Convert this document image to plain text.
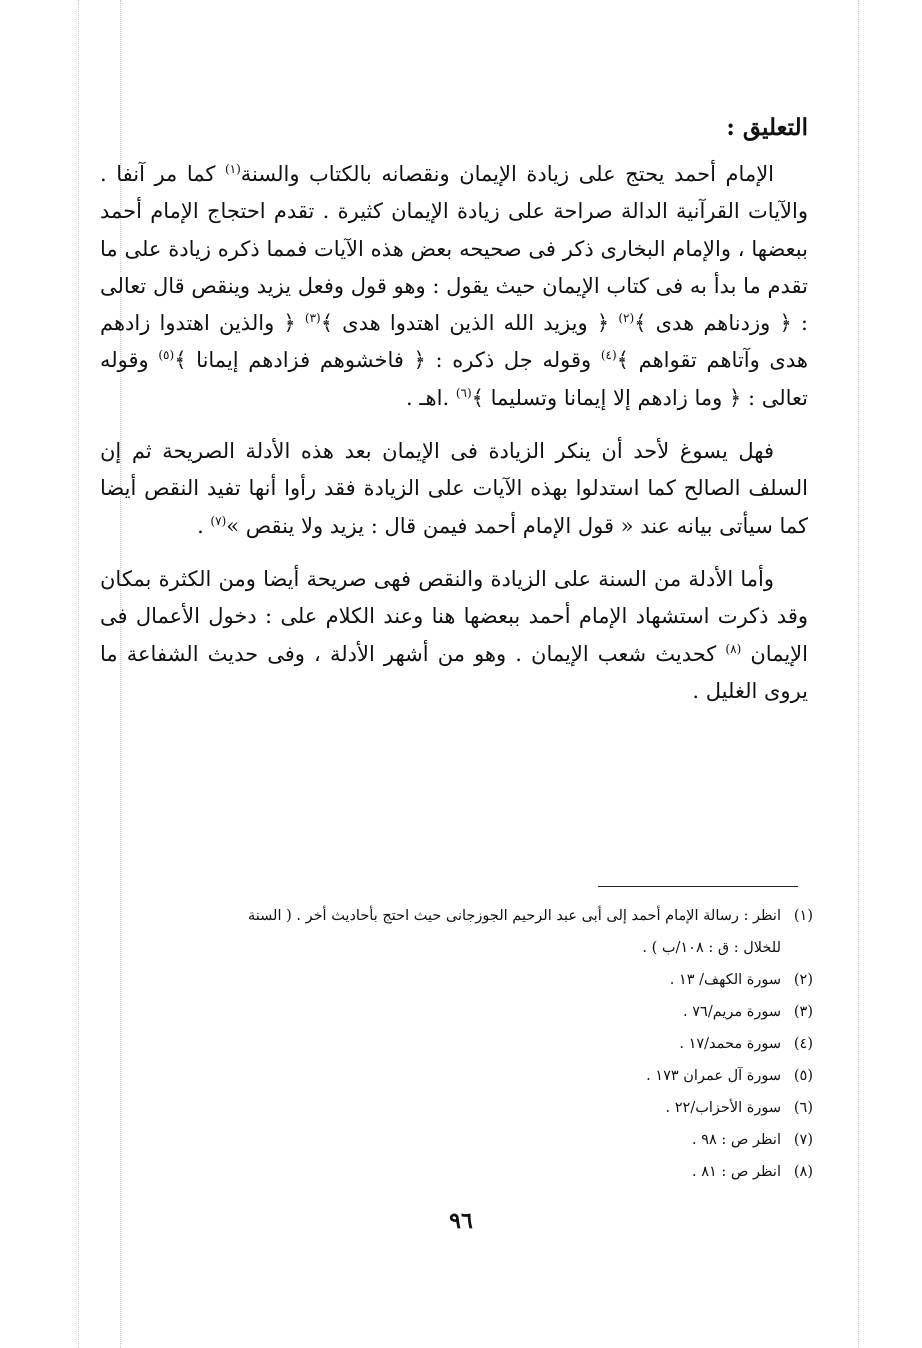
التعليق :

الإمام أحمد يحتج على زيادة الإيمان ونقصانه بالكتاب والسنة$^{(١)}$ كما مر آنفا . والآيات القرآنية الدالة صراحة على زيادة الإيمان كثيرة . تقدم احتجاج الإمام أحمد ببعضها ، والإمام البخارى ذكر فى صحيحه بعض هذه الآيات فمما ذكره زيادة على ما تقدم ما بدأ به فى كتاب الإيمان حيث يقول : وهو قول وفعل يزيد وينقص قال تعالى : ﴿ وزدناهم هدى ﴾$^{(٢)}$ ﴿ ويزيد الله الذين اهتدوا هدى ﴾$^{(٣)}$ ﴿ والذين اهتدوا زادهم هدى وآتاهم تقواهم ﴾$^{(٤)}$ وقوله جل ذكره : ﴿ فاخشوهم فزادهم إيمانا ﴾$^{(٥)}$ وقوله تعالى : ﴿ وما زادهم إلا إيمانا وتسليما ﴾$^{(٦)}$ .اهـ .

فهل يسوغ لأحد أن ينكر الزيادة فى الإيمان بعد هذه الأدلة الصريحة ثم إن السلف الصالح كما استدلوا بهذه الآيات على الزيادة فقد رأوا أنها تفيد النقص أيضا كما سيأتى بيانه عند « قول الإمام أحمد فيمن قال : يزيد ولا ينقص »$^{(٧)}$ .

وأما الأدلة من السنة على الزيادة والنقص فهى صريحة أيضا ومن الكثرة بمكان وقد ذكرت استشهاد الإمام أحمد ببعضها هنا وعند الكلام على : دخول الأعمال فى الإيمان $^{(٨)}$ كحديث شعب الإيمان . وهو من أشهر الأدلة ، وفى حديث الشفاعة ما يروى الغليل .

(١)انظر : رسالة الإمام أحمد إلى أبى عبد الرحيم الجوزجانى حيث احتج بأحاديث أخر . ( السنة
للخلال : ق : ١٠٨/ب ) .
(٢)سورة الكهف/ ١٣ .
(٣)سورة مريم/٧٦ .
(٤)سورة محمد/١٧ .
(٥)سورة آل عمران ١٧٣ .
(٦)سورة الأحزاب/٢٢ .
(٧)انظر ص : ٩٨ .
(٨)انظر ص : ٨١ .
٩٦
